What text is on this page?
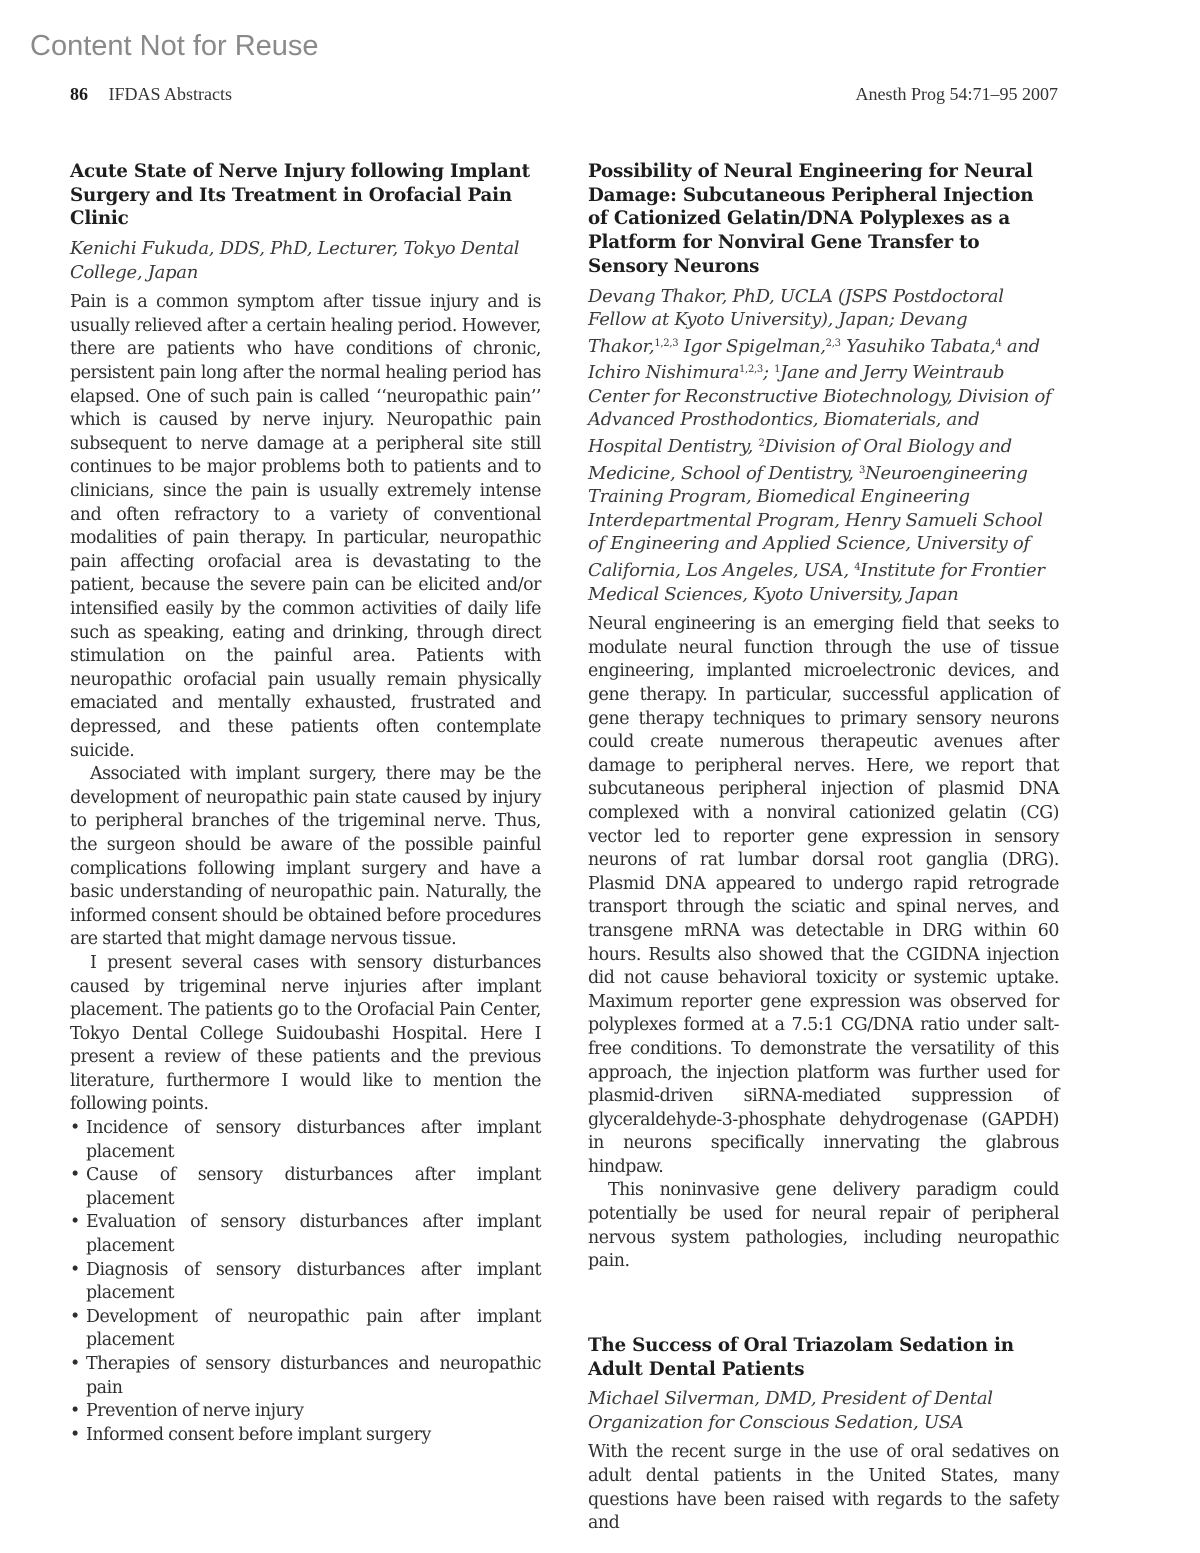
Content Not for Reuse
86 IFDAS Abstracts	Anesth Prog 54:71–95 2007
Acute State of Nerve Injury following Implant Surgery and Its Treatment in Orofacial Pain Clinic

Kenichi Fukuda, DDS, PhD, Lecturer, Tokyo Dental College, Japan

Pain is a common symptom after tissue injury and is usually relieved after a certain healing period. However, there are patients who have conditions of chronic, persistent pain long after the normal healing period has elapsed. One of such pain is called ‘‘neuropathic pain’’ which is caused by nerve injury. Neuropathic pain subsequent to nerve damage at a peripheral site still continues to be major problems both to patients and to clinicians, since the pain is usually extremely intense and often refractory to a variety of conventional modalities of pain therapy. In particular, neuropathic pain affecting orofacial area is devastating to the patient, because the severe pain can be elicited and/or intensified easily by the common activities of daily life such as speaking, eating and drinking, through direct stimulation on the painful area. Patients with neuropathic orofacial pain usually remain physically emaciated and mentally exhausted, frustrated and depressed, and these patients often contemplate suicide.

Associated with implant surgery, there may be the development of neuropathic pain state caused by injury to peripheral branches of the trigeminal nerve. Thus, the surgeon should be aware of the possible painful complications following implant surgery and have a basic understanding of neuropathic pain. Naturally, the informed consent should be obtained before procedures are started that might damage nervous tissue.

I present several cases with sensory disturbances caused by trigeminal nerve injuries after implant placement. The patients go to the Orofacial Pain Center, Tokyo Dental College Suidoubashi Hospital. Here I present a review of these patients and the previous literature, furthermore I would like to mention the following points.

• Incidence of sensory disturbances after implant placement
• Cause of sensory disturbances after implant placement
• Evaluation of sensory disturbances after implant placement
• Diagnosis of sensory disturbances after implant placement
• Development of neuropathic pain after implant placement
• Therapies of sensory disturbances and neuropathic pain
• Prevention of nerve injury
• Informed consent before implant surgery
Possibility of Neural Engineering for Neural Damage: Subcutaneous Peripheral Injection of Cationized Gelatin/DNA Polyplexes as a Platform for Nonviral Gene Transfer to Sensory Neurons

Devang Thakor, PhD, UCLA (JSPS Postdoctoral Fellow at Kyoto University), Japan; Devang Thakor,$^{1,2,3}$ Igor Spigelman,$^{2,3}$ Yasuhiko Tabata,$^4$ and Ichiro Nishimura$^{1,2,3}$; $^1$Jane and Jerry Weintraub Center for Reconstructive Biotechnology, Division of Advanced Prosthodontics, Biomaterials, and Hospital Dentistry, $^2$Division of Oral Biology and Medicine, School of Dentistry, $^3$Neuroengineering Training Program, Biomedical Engineering Interdepartmental Program, Henry Samueli School of Engineering and Applied Science, University of California, Los Angeles, USA, $^4$Institute for Frontier Medical Sciences, Kyoto University, Japan

Neural engineering is an emerging field that seeks to modulate neural function through the use of tissue engineering, implanted microelectronic devices, and gene therapy. In particular, successful application of gene therapy techniques to primary sensory neurons could create numerous therapeutic avenues after damage to peripheral nerves. Here, we report that subcutaneous peripheral injection of plasmid DNA complexed with a nonviral cationized gelatin (CG) vector led to reporter gene expression in sensory neurons of rat lumbar dorsal root ganglia (DRG). Plasmid DNA appeared to undergo rapid retrograde transport through the sciatic and spinal nerves, and transgene mRNA was detectable in DRG within 60 hours. Results also showed that the CGIDNA injection did not cause behavioral toxicity or systemic uptake. Maximum reporter gene expression was observed for polyplexes formed at a 7.5:1 CG/DNA ratio under salt-free conditions. To demonstrate the versatility of this approach, the injection platform was further used for plasmid-driven siRNA-mediated suppression of glyceraldehyde-3-phosphate dehydrogenase (GAPDH) in neurons specifically innervating the glabrous hindpaw.

This noninvasive gene delivery paradigm could potentially be used for neural repair of peripheral nervous system pathologies, including neuropathic pain.

The Success of Oral Triazolam Sedation in Adult Dental Patients

Michael Silverman, DMD, President of Dental Organization for Conscious Sedation, USA

With the recent surge in the use of oral sedatives on adult dental patients in the United States, many questions have been raised with regards to the safety and
